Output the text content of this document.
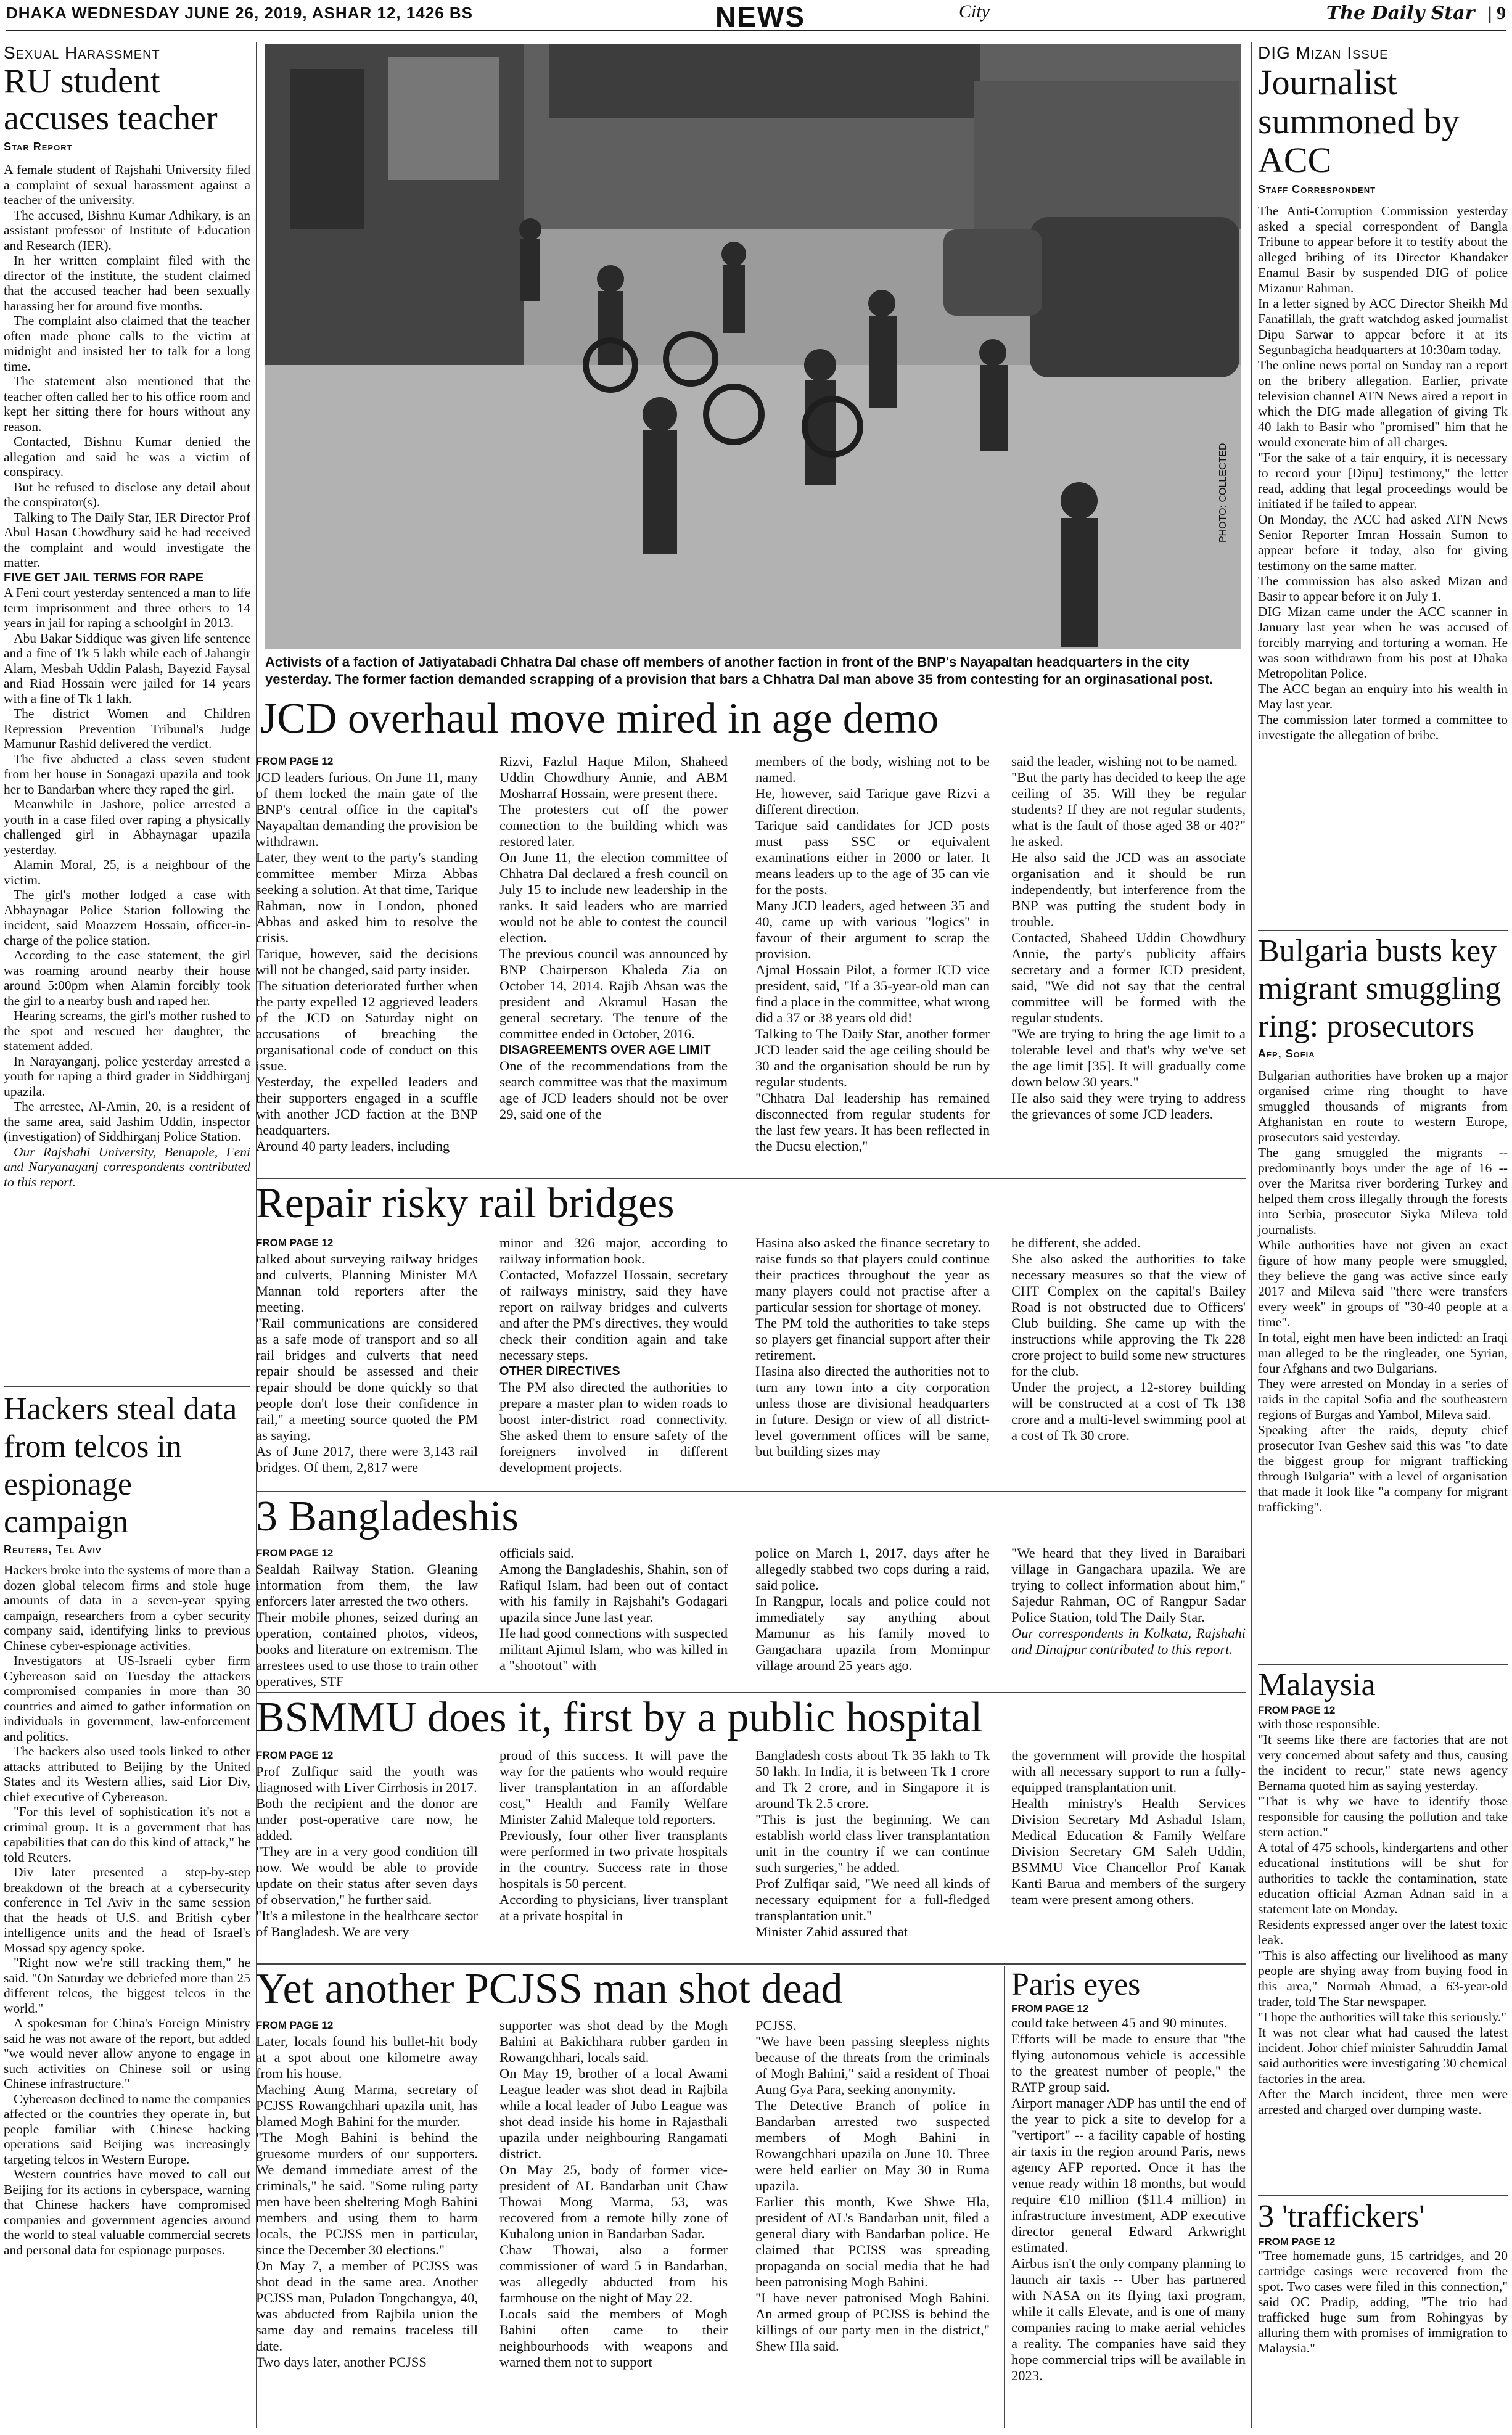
DHAKA WEDNESDAY JUNE 26, 2019, ASHAR 12, 1426 BS	NEWS	City	The Daily Star | 9
Sexual Harassment
RU student accuses teacher
Star Report
A female student of Rajshahi University filed a complaint of sexual harassment against a teacher of the university.
The accused, Bishnu Kumar Adhikary, is an assistant professor of Institute of Education and Research (IER).
In her written complaint filed with the director of the institute, the student claimed that the accused teacher had been sexually harassing her for around five months.
The complaint also claimed that the teacher often made phone calls to the victim at midnight and insisted her to talk for a long time.
The statement also mentioned that the teacher often called her to his office room and kept her sitting there for hours without any reason.
Contacted, Bishnu Kumar denied the allegation and said he was a victim of conspiracy.
But he refused to disclose any detail about the conspirator(s).
Talking to The Daily Star, IER Director Prof Abul Hasan Chowdhury said he had received the complaint and would investigate the matter.
FIVE GET JAIL TERMS FOR RAPE
A Feni court yesterday sentenced a man to life term imprisonment and three others to 14 years in jail for raping a schoolgirl in 2013.
Abu Bakar Siddique was given life sentence and a fine of Tk 5 lakh while each of Jahangir Alam, Mesbah Uddin Palash, Bayezid Faysal and Riad Hossain were jailed for 14 years with a fine of Tk 1 lakh.
The district Women and Children Repression Prevention Tribunal's Judge Mamunur Rashid delivered the verdict.
The five abducted a class seven student from her house in Sonagazi upazila and took her to Bandarban where they raped the girl.
Meanwhile in Jashore, police arrested a youth in a case filed over raping a physically challenged girl in Abhaynagar upazila yesterday.
Alamin Moral, 25, is a neighbour of the victim.
The girl's mother lodged a case with Abhaynagar Police Station following the incident, said Moazzem Hossain, officer-in-charge of the police station.
According to the case statement, the girl was roaming around nearby their house around 5:00pm when Alamin forcibly took the girl to a nearby bush and raped her.
Hearing screams, the girl's mother rushed to the spot and rescued her daughter, the statement added.
In Narayanganj, police yesterday arrested a youth for raping a third grader in Siddhirganj upazila.
The arrestee, Al-Amin, 20, is a resident of the same area, said Jashim Uddin, inspector (investigation) of Siddhirganj Police Station.
Our Rajshahi University, Benapole, Feni and Naryanaganj correspondents contributed to this report.
Hackers steal data from telcos in espionage campaign
Reuters, Tel Aviv
Hackers broke into the systems of more than a dozen global telecom firms and stole huge amounts of data in a seven-year spying campaign, researchers from a cyber security company said, identifying links to previous Chinese cyber-espionage activities.
Investigators at US-Israeli cyber firm Cybereason said on Tuesday the attackers compromised companies in more than 30 countries and aimed to gather information on individuals in government, law-enforcement and politics.
The hackers also used tools linked to other attacks attributed to Beijing by the United States and its Western allies, said Lior Div, chief executive of Cybereason.
"For this level of sophistication it's not a criminal group. It is a government that has capabilities that can do this kind of attack," he told Reuters.
Div later presented a step-by-step breakdown of the breach at a cybersecurity conference in Tel Aviv in the same session that the heads of U.S. and British cyber intelligence units and the head of Israel's Mossad spy agency spoke.
"Right now we're still tracking them," he said. "On Saturday we debriefed more than 25 different telcos, the biggest telcos in the world."
A spokesman for China's Foreign Ministry said he was not aware of the report, but added "we would never allow anyone to engage in such activities on Chinese soil or using Chinese infrastructure."
Cybereason declined to name the companies affected or the countries they operate in, but people familiar with Chinese hacking operations said Beijing was increasingly targeting telcos in Western Europe.
Western countries have moved to call out Beijing for its actions in cyberspace, warning that Chinese hackers have compromised companies and government agencies around the world to steal valuable commercial secrets and personal data for espionage purposes.
PHOTO: COLLECTED
Activists of a faction of Jatiyatabadi Chhatra Dal chase off members of another faction in front of the BNP's Nayapaltan headquarters in the city yesterday. The former faction demanded scrapping of a provision that bars a Chhatra Dal man above 35 from contesting for an orginasational post.
JCD overhaul move mired in age demo
FROM PAGE 12
JCD leaders furious. On June 11, many of them locked the main gate of the BNP's central office in the capital's Nayapaltan demanding the provision be withdrawn.
Later, they went to the party's standing committee member Mirza Abbas seeking a solution. At that time, Tarique Rahman, now in London, phoned Abbas and asked him to resolve the crisis.
Tarique, however, said the decisions will not be changed, said party insider.
The situation deteriorated further when the party expelled 12 aggrieved leaders of the JCD on Saturday night on accusations of breaching the organisational code of conduct on this issue.
Yesterday, the expelled leaders and their supporters engaged in a scuffle with another JCD faction at the BNP headquarters.
Around 40 party leaders, including
Rizvi, Fazlul Haque Milon, Shaheed Uddin Chowdhury Annie, and ABM Mosharraf Hossain, were present there.
The protesters cut off the power connection to the building which was restored later.
On June 11, the election committee of Chhatra Dal declared a fresh council on July 15 to include new leadership in the ranks. It said leaders who are married would not be able to contest the council election.
The previous council was announced by BNP Chairperson Khaleda Zia on October 14, 2014. Rajib Ahsan was the president and Akramul Hasan the general secretary. The tenure of the committee ended in October, 2016.
DISAGREEMENTS OVER AGE LIMIT
One of the recommendations from the search committee was that the maximum age of JCD leaders should not be over 29, said one of the
members of the body, wishing not to be named.
He, however, said Tarique gave Rizvi a different direction.
Tarique said candidates for JCD posts must pass SSC or equivalent examinations either in 2000 or later. It means leaders up to the age of 35 can vie for the posts.
Many JCD leaders, aged between 35 and 40, came up with various "logics" in favour of their argument to scrap the provision.
Ajmal Hossain Pilot, a former JCD vice president, said, "If a 35-year-old man can find a place in the committee, what wrong did a 37 or 38 years old did!
Talking to The Daily Star, another former JCD leader said the age ceiling should be 30 and the organisation should be run by regular students.
"Chhatra Dal leadership has remained disconnected from regular students for the last few years. It has been reflected in the Ducsu election,"
said the leader, wishing not to be named.
"But the party has decided to keep the age ceiling of 35. Will they be regular students? If they are not regular students, what is the fault of those aged 38 or 40?" he asked.
He also said the JCD was an associate organisation and it should be run independently, but interference from the BNP was putting the student body in trouble.
Contacted, Shaheed Uddin Chowdhury Annie, the party's publicity affairs secretary and a former JCD president, said, "We did not say that the central committee will be formed with the regular students.
"We are trying to bring the age limit to a tolerable level and that's why we've set the age limit [35]. It will gradually come down below 30 years."
He also said they were trying to address the grievances of some JCD leaders.
Repair risky rail bridges
FROM PAGE 12
talked about surveying railway bridges and culverts, Planning Minister MA Mannan told reporters after the meeting.
"Rail communications are considered as a safe mode of transport and so all rail bridges and culverts that need repair should be assessed and their repair should be done quickly so that people don't lose their confidence in rail," a meeting source quoted the PM as saying.
As of June 2017, there were 3,143 rail bridges. Of them, 2,817 were
minor and 326 major, according to railway information book.
Contacted, Mofazzel Hossain, secretary of railways ministry, said they have report on railway bridges and culverts and after the PM's directives, they would check their condition again and take necessary steps.
OTHER DIRECTIVES
The PM also directed the authorities to prepare a master plan to widen roads to boost inter-district road connectivity. She asked them to ensure safety of the foreigners involved in different development projects.
Hasina also asked the finance secretary to raise funds so that players could continue their practices throughout the year as many players could not practise after a particular session for shortage of money.
The PM told the authorities to take steps so players get financial support after their retirement.
Hasina also directed the authorities not to turn any town into a city corporation unless those are divisional headquarters in future. Design or view of all district-level government offices will be same, but building sizes may
be different, she added.
She also asked the authorities to take necessary measures so that the view of CHT Complex on the capital's Bailey Road is not obstructed due to Officers' Club building. She came up with the instructions while approving the Tk 228 crore project to build some new structures for the club.
Under the project, a 12-storey building will be constructed at a cost of Tk 138 crore and a multi-level swimming pool at a cost of Tk 30 crore.
3 Bangladeshis
FROM PAGE 12
Sealdah Railway Station. Gleaning information from them, the law enforcers later arrested the two others.
Their mobile phones, seized during an operation, contained photos, videos, books and literature on extremism. The arrestees used to use those to train other operatives, STF
officials said.
Among the Bangladeshis, Shahin, son of Rafiqul Islam, had been out of contact with his family in Rajshahi's Godagari upazila since June last year.
He had good connections with suspected militant Ajimul Islam, who was killed in a "shootout" with
police on March 1, 2017, days after he allegedly stabbed two cops during a raid, said police.
In Rangpur, locals and police could not immediately say anything about Mamunur as his family moved to Gangachara upazila from Mominpur village around 25 years ago.
"We heard that they lived in Baraibari village in Gangachara upazila. We are trying to collect information about him," Sajedur Rahman, OC of Rangpur Sadar Police Station, told The Daily Star.
Our correspondents in Kolkata, Rajshahi and Dinajpur contributed to this report.
BSMMU does it, first by a public hospital
FROM PAGE 12
Prof Zulfiqur said the youth was diagnosed with Liver Cirrhosis in 2017.
Both the recipient and the donor are under post-operative care now, he added.
"They are in a very good condition till now. We would be able to provide update on their status after seven days of observation," he further said.
"It's a milestone in the healthcare sector of Bangladesh. We are very
proud of this success. It will pave the way for the patients who would require liver transplantation in an affordable cost," Health and Family Welfare Minister Zahid Maleque told reporters.
Previously, four other liver transplants were performed in two private hospitals in the country. Success rate in those hospitals is 50 percent.
According to physicians, liver transplant at a private hospital in
Bangladesh costs about Tk 35 lakh to Tk 50 lakh. In India, it is between Tk 1 crore and Tk 2 crore, and in Singapore it is around Tk 2.5 crore.
"This is just the beginning. We can establish world class liver transplantation unit in the country if we can continue such surgeries," he added.
Prof Zulfiqar said, "We need all kinds of necessary equipment for a full-fledged transplantation unit."
Minister Zahid assured that
the government will provide the hospital with all necessary support to run a fully-equipped transplantation unit.
Health ministry's Health Services Division Secretary Md Ashadul Islam, Medical Education & Family Welfare Division Secretary GM Saleh Uddin, BSMMU Vice Chancellor Prof Kanak Kanti Barua and members of the surgery team were present among others.
Yet another PCJSS man shot dead
FROM PAGE 12
Later, locals found his bullet-hit body at a spot about one kilometre away from his house.
Maching Aung Marma, secretary of PCJSS Rowangchhari upazila unit, has blamed Mogh Bahini for the murder.
"The Mogh Bahini is behind the gruesome murders of our supporters. We demand immediate arrest of the criminals," he said. "Some ruling party men have been sheltering Mogh Bahini members and using them to harm locals, the PCJSS men in particular, since the December 30 elections."
On May 7, a member of PCJSS was shot dead in the same area. Another PCJSS man, Puladon Tongchangya, 40, was abducted from Rajbila union the same day and remains traceless till date.
Two days later, another PCJSS
supporter was shot dead by the Mogh Bahini at Bakichhara rubber garden in Rowangchhari, locals said.
On May 19, brother of a local Awami League leader was shot dead in Rajbila while a local leader of Jubo League was shot dead inside his home in Rajasthali upazila under neighbouring Rangamati district.
On May 25, body of former vice-president of AL Bandarban unit Chaw Thowai Mong Marma, 53, was recovered from a remote hilly zone of Kuhalong union in Bandarban Sadar.
Chaw Thowai, also a former commissioner of ward 5 in Bandarban, was allegedly abducted from his farmhouse on the night of May 22.
Locals said the members of Mogh Bahini often came to their neighbourhoods with weapons and warned them not to support
PCJSS.
"We have been passing sleepless nights because of the threats from the criminals of Mogh Bahini," said a resident of Thoai Aung Gya Para, seeking anonymity.
The Detective Branch of police in Bandarban arrested two suspected members of Mogh Bahini in Rowangchhari upazila on June 10. Three were held earlier on May 30 in Ruma upazila.
Earlier this month, Kwe Shwe Hla, president of AL's Bandarban unit, filed a general diary with Bandarban police. He claimed that PCJSS was spreading propaganda on social media that he had been patronising Mogh Bahini.
"I have never patronised Mogh Bahini. An armed group of PCJSS is behind the killings of our party men in the district," Shew Hla said.
Paris eyes
FROM PAGE 12
could take between 45 and 90 minutes.
Efforts will be made to ensure that "the flying autonomous vehicle is accessible to the greatest number of people," the RATP group said.
Airport manager ADP has until the end of the year to pick a site to develop for a "vertiport" -- a facility capable of hosting air taxis in the region around Paris, news agency AFP reported. Once it has the venue ready within 18 months, but would require €10 million ($11.4 million) in infrastructure investment, ADP executive director general Edward Arkwright estimated.
Airbus isn't the only company planning to launch air taxis -- Uber has partnered with NASA on its flying taxi program, while it calls Elevate, and is one of many companies racing to make aerial vehicles a reality. The companies have said they hope commercial trips will be available in 2023.
DIG Mizan Issue
Journalist summoned by ACC
Staff Correspondent
The Anti-Corruption Commission yesterday asked a special correspondent of Bangla Tribune to appear before it to testify about the alleged bribing of its Director Khandaker Enamul Basir by suspended DIG of police Mizanur Rahman.
In a letter signed by ACC Director Sheikh Md Fanafillah, the graft watchdog asked journalist Dipu Sarwar to appear before it at its Segunbagicha headquarters at 10:30am today.
The online news portal on Sunday ran a report on the bribery allegation. Earlier, private television channel ATN News aired a report in which the DIG made allegation of giving Tk 40 lakh to Basir who "promised" him that he would exonerate him of all charges.
"For the sake of a fair enquiry, it is necessary to record your [Dipu] testimony," the letter read, adding that legal proceedings would be initiated if he failed to appear.
On Monday, the ACC had asked ATN News Senior Reporter Imran Hossain Sumon to appear before it today, also for giving testimony on the same matter.
The commission has also asked Mizan and Basir to appear before it on July 1.
DIG Mizan came under the ACC scanner in January last year when he was accused of forcibly marrying and torturing a woman. He was soon withdrawn from his post at Dhaka Metropolitan Police.
The ACC began an enquiry into his wealth in May last year.
The commission later formed a committee to investigate the allegation of bribe.
Bulgaria busts key migrant smuggling ring: prosecutors
Afp, Sofia
Bulgarian authorities have broken up a major organised crime ring thought to have smuggled thousands of migrants from Afghanistan en route to western Europe, prosecutors said yesterday.
The gang smuggled the migrants -- predominantly boys under the age of 16 -- over the Maritsa river bordering Turkey and helped them cross illegally through the forests into Serbia, prosecutor Siyka Mileva told journalists.
While authorities have not given an exact figure of how many people were smuggled, they believe the gang was active since early 2017 and Mileva said "there were transfers every week" in groups of "30-40 people at a time".
In total, eight men have been indicted: an Iraqi man alleged to be the ringleader, one Syrian, four Afghans and two Bulgarians.
They were arrested on Monday in a series of raids in the capital Sofia and the southeastern regions of Burgas and Yambol, Mileva said.
Speaking after the raids, deputy chief prosecutor Ivan Geshev said this was "to date the biggest group for migrant trafficking through Bulgaria" with a level of organisation that made it look like "a company for migrant trafficking".
Malaysia
FROM PAGE 12
with those responsible.
"It seems like there are factories that are not very concerned about safety and thus, causing the incident to recur," state news agency Bernama quoted him as saying yesterday.
"That is why we have to identify those responsible for causing the pollution and take stern action."
A total of 475 schools, kindergartens and other educational institutions will be shut for authorities to tackle the contamination, state education official Azman Adnan said in a statement late on Monday.
Residents expressed anger over the latest toxic leak.
"This is also affecting our livelihood as many people are shying away from buying food in this area," Normah Ahmad, a 63-year-old trader, told The Star newspaper.
"I hope the authorities will take this seriously."
It was not clear what had caused the latest incident. Johor chief minister Sahruddin Jamal said authorities were investigating 30 chemical factories in the area.
After the March incident, three men were arrested and charged over dumping waste.
3 'traffickers'
FROM PAGE 12
"Tree homemade guns, 15 cartridges, and 20 cartridge casings were recovered from the spot. Two cases were filed in this connection," said OC Pradip, adding, "The trio had trafficked huge sum from Rohingyas by alluring them with promises of immigration to Malaysia."
